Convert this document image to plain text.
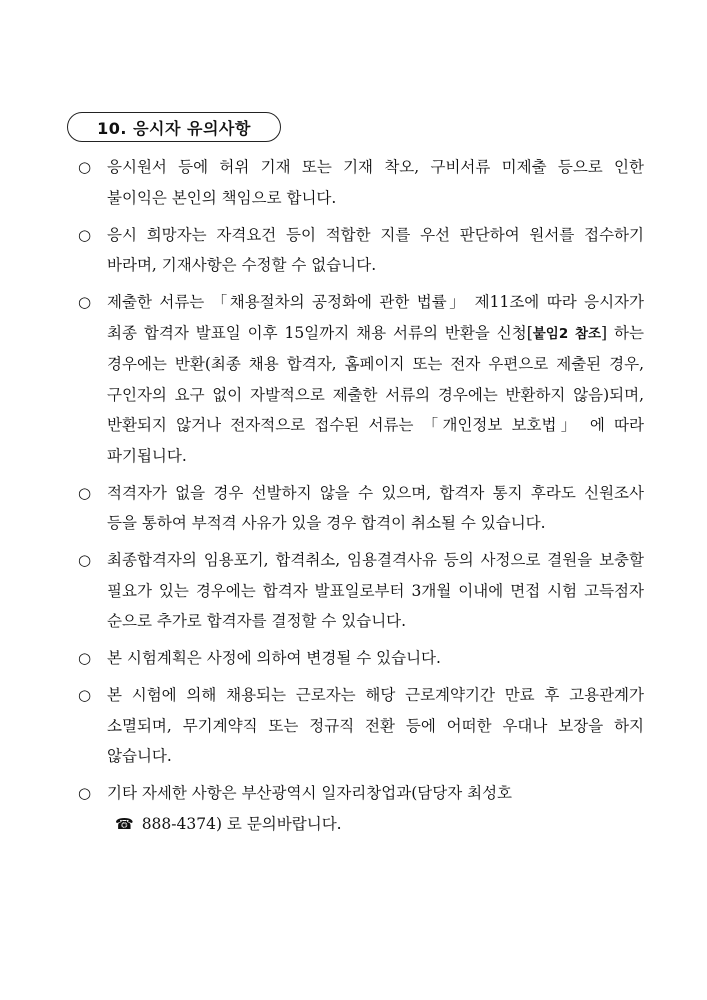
10. 응시자 유의사항
○ 응시원서 등에 허위 기재 또는 기재 착오, 구비서류 미제출 등으로 인한 불이익은 본인의 책임으로 합니다.
○ 응시 희망자는 자격요건 등이 적합한 지를 우선 판단하여 원서를 접수하기 바라며, 기재사항은 수정할 수 없습니다.
○ 제출한 서류는 「채용절차의 공정화에 관한 법률」 제11조에 따라 응시자가 최종 합격자 발표일 이후 15일까지 채용 서류의 반환을 신청[붙임2 참조] 하는 경우에는 반환(최종 채용 합격자, 홈페이지 또는 전자 우편으로 제출된 경우, 구인자의 요구 없이 자발적으로 제출한 서류의 경우에는 반환하지 않음)되며, 반환되지 않거나 전자적으로 접수된 서류는 「개인정보 보호법」 에 따라 파기됩니다.
○ 적격자가 없을 경우 선발하지 않을 수 있으며, 합격자 통지 후라도 신원조사 등을 통하여 부적격 사유가 있을 경우 합격이 취소될 수 있습니다.
○ 최종합격자의 임용포기, 합격취소, 임용결격사유 등의 사정으로 결원을 보충할 필요가 있는 경우에는 합격자 발표일로부터 3개월 이내에 면접 시험 고득점자 순으로 추가로 합격자를 결정할 수 있습니다.
○ 본 시험계획은 사정에 의하여 변경될 수 있습니다.
○ 본 시험에 의해 채용되는 근로자는 해당 근로계약기간 만료 후 고용관계가 소멸되며, 무기계약직 또는 정규직 전환 등에 어떠한 우대나 보장을 하지 않습니다.
○ 기타 자세한 사항은 부산광역시 일자리창업과(담당자 최성호
☎ 888-4374) 로 문의바랍니다.
